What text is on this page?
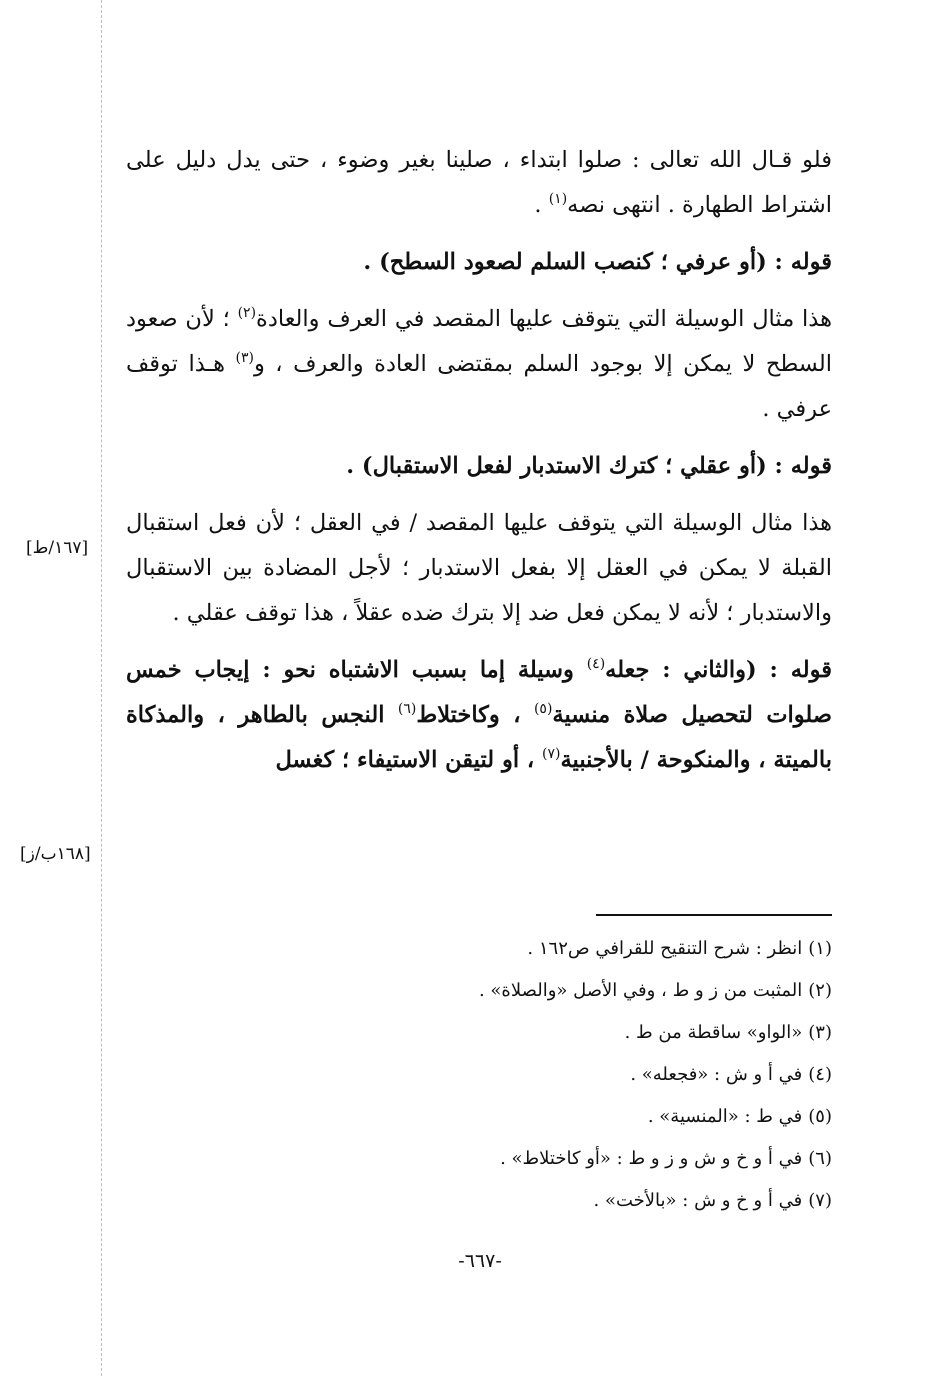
فلو قـال الله تعالى : صلوا ابتداء ، صلينا بغير وضوء ، حتى يدل دليل على اشتراط الطهارة . انتهى نصه$^{(١)}$ .

قوله : (أو عرفي ؛ كنصب السلم لصعود السطح) .

هذا مثال الوسيلة التي يتوقف عليها المقصد في العرف والعادة$^{(٢)}$ ؛ لأن صعود السطح لا يمكن إلا بوجود السلم بمقتضى العادة والعرف ، و$^{(٣)}$ هـذا توقف عرفي .

قوله : (أو عقلي ؛ كترك الاستدبار لفعل الاستقبال) .

هذا مثال الوسيلة التي يتوقف عليها المقصد / في العقل ؛ لأن فعل استقبال القبلة لا يمكن في العقل إلا بفعل الاستدبار ؛ لأجل المضادة بين الاستقبال والاستدبار ؛ لأنه لا يمكن فعل ضد إلا بترك ضده عقلاً ، هذا توقف عقلي .

قوله : (والثاني : جعله$^{(٤)}$ وسيلة إما بسبب الاشتباه نحو : إيجاب خمس صلوات لتحصيل صلاة منسية$^{(٥)}$ ، وكاختلاط$^{(٦)}$ النجس بالطاهر ، والمذكاة بالميتة ، والمنكوحة / بالأجنبية$^{(٧)}$ ، أو لتيقن الاستيفاء ؛ كغسل

[١٦٧/ط]
[١٦٨ب/ز]

(١)انظر : شرح التنقيح للقرافي ص١٦٢ .

(٢)المثبت من ز و ط ، وفي الأصل «والصلاة» .

(٣)«الواو» ساقطة من ط .

(٤)في أ و ش : «فجعله» .

(٥)في ط : «المنسية» .

(٦)في أ و خ و ش و ز و ط : «أو كاختلاط» .

(٧)في أ و خ و ش : «بالأخت» .

-٦٦٧-
